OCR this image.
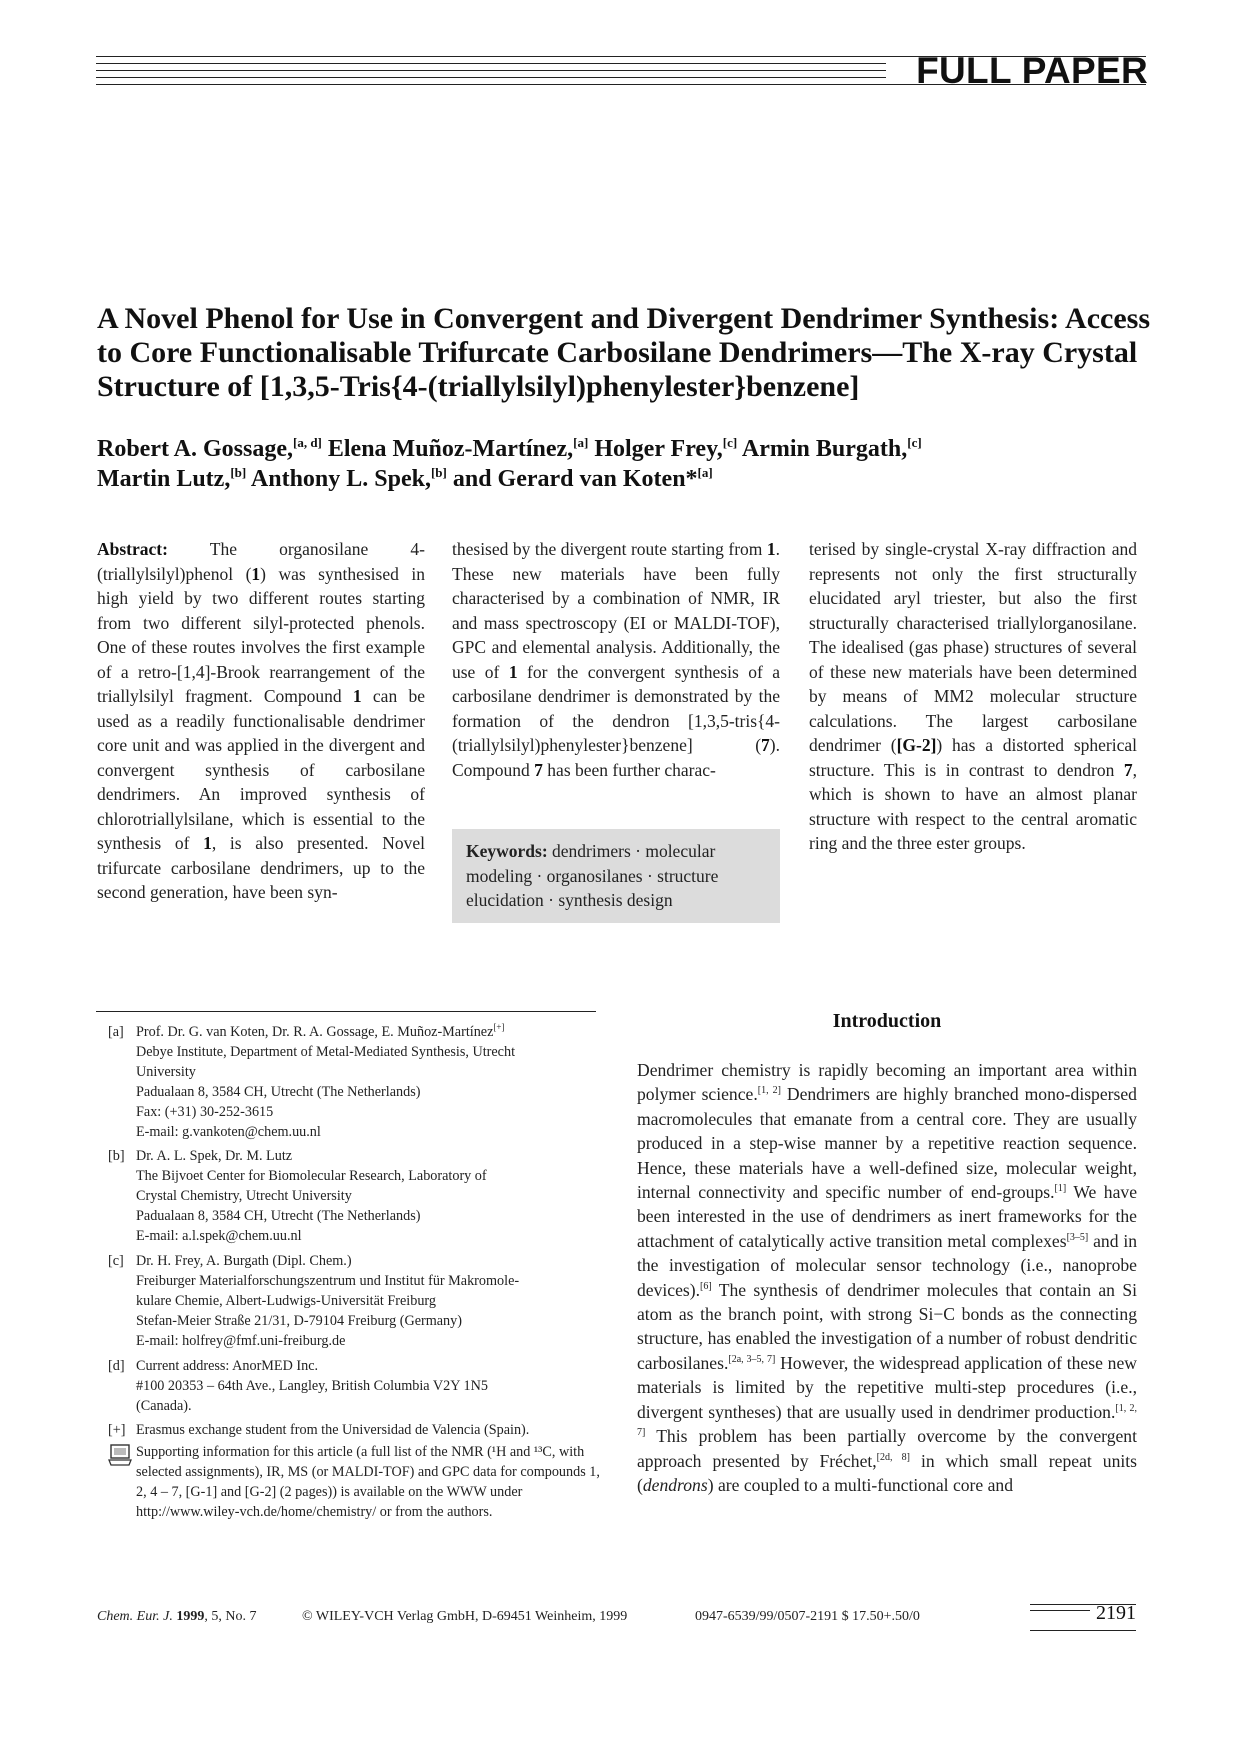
FULL PAPER
A Novel Phenol for Use in Convergent and Divergent Dendrimer Synthesis: Access to Core Functionalisable Trifurcate Carbosilane Dendrimers—The X-ray Crystal Structure of [1,3,5-Tris{4-(triallylsilyl)phenylester}benzene]
Robert A. Gossage,[a, d] Elena Muñoz-Martínez,[a] Holger Frey,[c] Armin Burgath,[c]
Martin Lutz,[b] Anthony L. Spek,[b] and Gerard van Koten*[a]
Abstract: The organosilane 4-(triallylsilyl)phenol (1) was synthesised in high yield by two different routes starting from two different silyl-protected phenols. One of these routes involves the first example of a retro-[1,4]-Brook rearrangement of the triallylsilyl fragment. Compound 1 can be used as a readily functionalisable dendrimer core unit and was applied in the divergent and convergent synthesis of carbosilane dendrimers. An improved synthesis of chlorotriallylsilane, which is essential to the synthesis of 1, is also presented. Novel trifurcate carbosilane dendrimers, up to the second generation, have been syn-
thesised by the divergent route starting from 1. These new materials have been fully characterised by a combination of NMR, IR and mass spectroscopy (EI or MALDI-TOF), GPC and elemental analysis. Additionally, the use of 1 for the convergent synthesis of a carbosilane dendrimer is demonstrated by the formation of the dendron [1,3,5-tris{4-(triallylsilyl)phenylester}benzene] (7). Compound 7 has been further charac-
Keywords: dendrimers · molecular modeling · organosilanes · structure elucidation · synthesis design
terised by single-crystal X-ray diffraction and represents not only the first structurally elucidated aryl triester, but also the first structurally characterised triallylorganosilane. The idealised (gas phase) structures of several of these new materials have been determined by means of MM2 molecular structure calculations. The largest carbosilane dendrimer ([G-2]) has a distorted spherical structure. This is in contrast to dendron 7, which is shown to have an almost planar structure with respect to the central aromatic ring and the three ester groups.
[a] Prof. Dr. G. van Koten, Dr. R. A. Gossage, E. Muñoz-Martínez[+]
Debye Institute, Department of Metal-Mediated Synthesis, Utrecht
University
Padualaan 8, 3584 CH, Utrecht (The Netherlands)
Fax: (+31) 30-252-3615
E-mail: g.vankoten@chem.uu.nl
[b] Dr. A. L. Spek, Dr. M. Lutz
The Bijvoet Center for Biomolecular Research, Laboratory of
Crystal Chemistry, Utrecht University
Padualaan 8, 3584 CH, Utrecht (The Netherlands)
E-mail: a.l.spek@chem.uu.nl
[c] Dr. H. Frey, A. Burgath (Dipl. Chem.)
Freiburger Materialforschungszentrum und Institut für Makromole-
kulare Chemie, Albert-Ludwigs-Universität Freiburg
Stefan-Meier Straße 21/31, D-79104 Freiburg (Germany)
E-mail: holfrey@fmf.uni-freiburg.de
[d] Current address: AnorMED Inc.
#100 20353 – 64th Ave., Langley, British Columbia V2Y 1N5
(Canada).
[+] Erasmus exchange student from the Universidad de Valencia (Spain).
Supporting information for this article (a full list of the NMR (¹H and ¹³C, with selected assignments), IR, MS (or MALDI-TOF) and GPC data for compounds 1, 2, 4 – 7, [G-1] and [G-2] (2 pages)) is available on the WWW under http://www.wiley-vch.de/home/chemistry/ or from the authors.
Introduction
Dendrimer chemistry is rapidly becoming an important area within polymer science.[1, 2] Dendrimers are highly branched mono-dispersed macromolecules that emanate from a central core. They are usually produced in a step-wise manner by a repetitive reaction sequence. Hence, these materials have a well-defined size, molecular weight, internal connectivity and specific number of end-groups.[1] We have been interested in the use of dendrimers as inert frameworks for the attachment of catalytically active transition metal complexes[3–5] and in the investigation of molecular sensor technology (i.e., nanoprobe devices).[6] The synthesis of dendrimer molecules that contain an Si atom as the branch point, with strong Si−C bonds as the connecting structure, has enabled the investigation of a number of robust dendritic carbosilanes.[2a, 3–5, 7] However, the widespread application of these new materials is limited by the repetitive multi-step procedures (i.e., divergent syntheses) that are usually used in dendrimer production.[1, 2, 7] This problem has been partially overcome by the convergent approach presented by Fréchet,[2d, 8] in which small repeat units (dendrons) are coupled to a multi-functional core and
Chem. Eur. J. 1999, 5, No. 7	© WILEY-VCH Verlag GmbH, D-69451 Weinheim, 1999	0947-6539/99/0507-2191 $ 17.50+.50/0	2191
